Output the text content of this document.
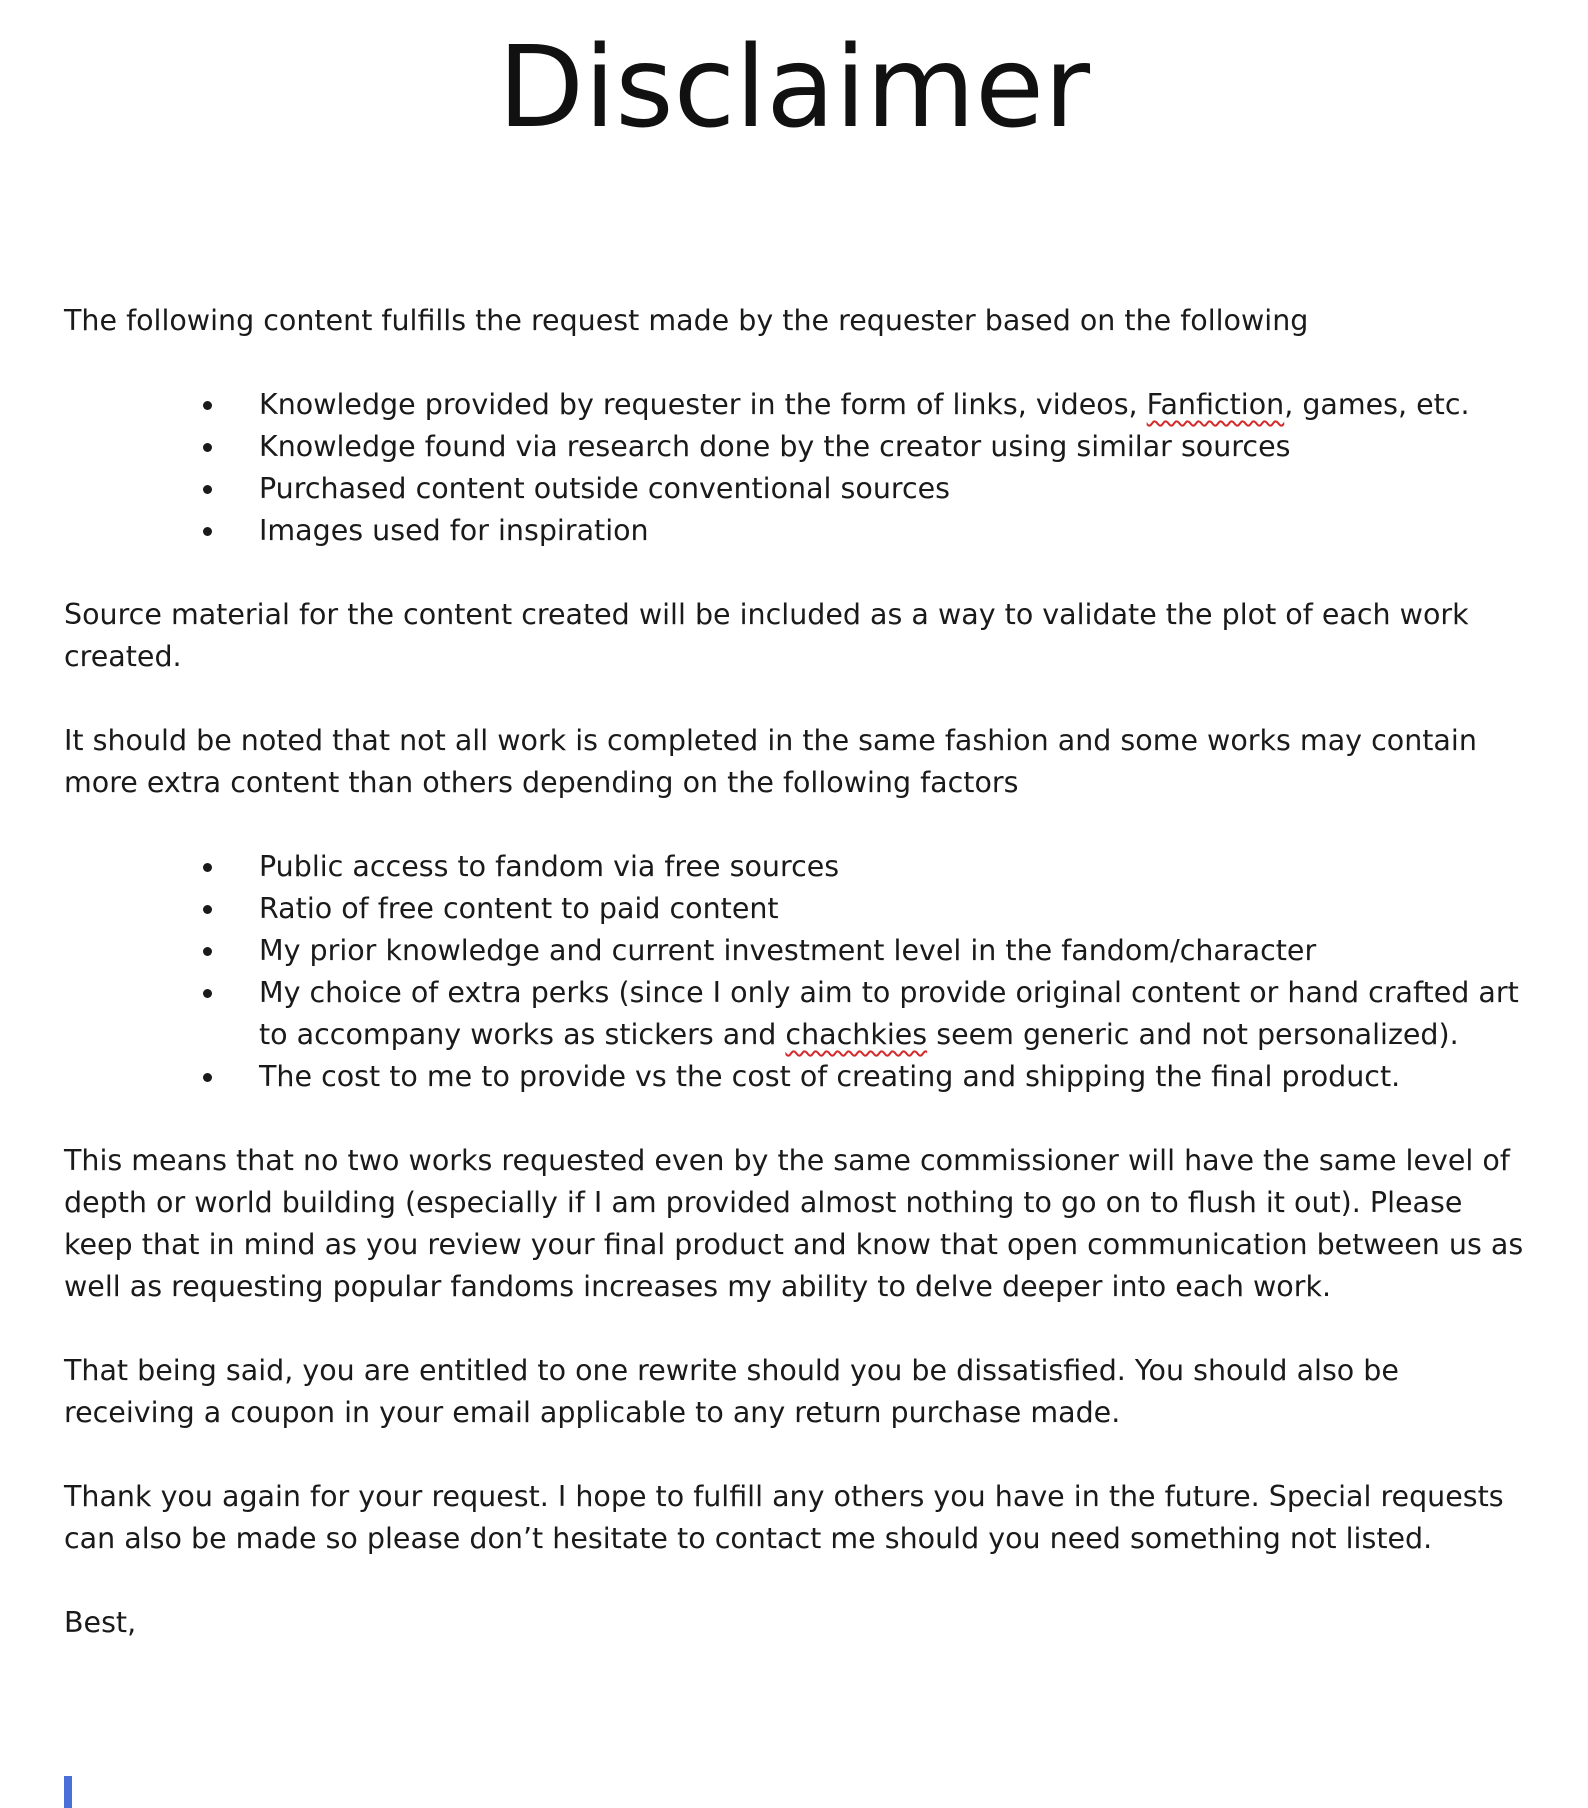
Disclaimer

The following content fulfills the request made by the requester based on the following

Knowledge provided by requester in the form of links, videos, Fanfiction, games, etc.
Knowledge found via research done by the creator using similar sources
Purchased content outside conventional sources
Images used for inspiration

Source material for the content created will be included as a way to validate the plot of each work created.

It should be noted that not all work is completed in the same fashion and some works may contain more extra content than others depending on the following factors

Public access to fandom via free sources
Ratio of free content to paid content
My prior knowledge and current investment level in the fandom/character
My choice of extra perks (since I only aim to provide original content or hand crafted art to accompany works as stickers and chachkies seem generic and not personalized).
The cost to me to provide vs the cost of creating and shipping the final product.

This means that no two works requested even by the same commissioner will have the same level of depth or world building (especially if I am provided almost nothing to go on to flush it out). Please keep that in mind as you review your final product and know that open communication between us as well as requesting popular fandoms increases my ability to delve deeper into each work.

That being said, you are entitled to one rewrite should you be dissatisfied. You should also be receiving a coupon in your email applicable to any return purchase made.

Thank you again for your request. I hope to fulfill any others you have in the future. Special requests can also be made so please don’t hesitate to contact me should you need something not listed.

Best,
